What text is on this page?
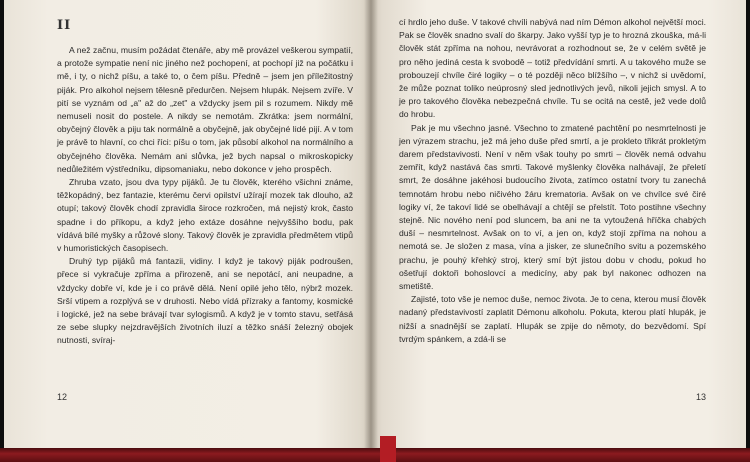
II

A než začnu, musím požádat čtenáře, aby mě provázel veškerou sympatií, a protože sympatie není nic jiného než pochopení, at pochopí již na počátku i mě, i ty, o nichž píšu, a také to, o čem píšu. Předně – jsem jen příležitostný piják. Pro alkohol nejsem tělesně předurčen. Nejsem hlupák. Nejsem zvíře. V pití se vyznám od „a" až do „zet" a vždycky jsem pil s rozumem. Nikdy mě nemuseli nosit do postele. A nikdy se nemotám. Zkrátka: jsem normální, obyčejný člověk a piju tak normálně a obyčejně, jak obyčejné lidé pijí. A v tom je právě to hlavní, co chci říci: píšu o tom, jak působí alkohol na normálního a obyčejného člověka. Nemám ani slůvka, jež bych napsal o mikroskopicky nedůležitém výstředníku, dipsomaniaku, nebo dokonce v jeho prospěch.

Zhruba vzato, jsou dva typy pijáků. Je tu člověk, kterého všichni známe, těžkopádný, bez fantazie, kterému červi opilství užírají mozek tak dlouho, až otupí; takový člověk chodí zpravidla široce rozkročen, má nejistý krok, často spadne i do příkopu, a když jeho extáze dosáhne nejvyššího bodu, pak vídává bílé myšky a růžové slony. Takový člověk je zpravidla předmětem vtipů v humoristických časopisech.

Druhý typ pijáků má fantazii, vidiny. I když je takový piják podroušen, přece si vykračuje zpříma a přirozeně, ani se nepotácí, ani neupadne, a vždycky dobře ví, kde je i co právě dělá. Není opilé jeho tělo, nýbrž mozek. Srší vtipem a rozplývá se v druhosti. Nebo vídá přízraky a fantomy, kosmické i logické, jež na sebe brávají tvar sylogismů. A když je v tomto stavu, setřásá ze sebe slupky nejzdravějších životních iluzí a těžko snáší železný obojek nutnosti, svíraj-

12

cí hrdlo jeho duše. V takové chvíli nabývá nad ním Démon alkohol největší moci. Pak se člověk snadno svalí do škarpy. Jako vyšší typ je to hrozná zkouška, má-li člověk stát zpříma na nohou, nevrávorat a rozhodnout se, že v celém světě je pro něho jediná cesta k svobodě – totiž předvídání smrti. A u takového muže se probouzejí chvíle čiré logiky – o té později něco blížšího –, v nichž si uvědomí, že může poznat toliko neúprosný sled jednotlivých jevů, nikoli jejich smysl. A to je pro takového člověka nebezpečná chvíle. Tu se ocitá na cestě, jež vede dolů do hrobu.

Pak je mu všechno jasné. Všechno to zmatené pachtění po nesmrtelnosti je jen výrazem strachu, jež má jeho duše před smrtí, a je prokleto třikrát prokletým darem představivosti. Není v něm však touhy po smrti – člověk nemá odvahu zemřít, když nastává čas smrti. Takové myšlenky člověka nalhávají, že přeletí smrt, že dosáhne jakéhosi budoucího života, zatímco ostatní tvory tu zanechá temnotám hrobu nebo ničivého žáru krematoria. Avšak on ve chvílce své čiré logiky ví, že takoví lidé se obelhávají a chtějí se přelstít. Toto postihne všechny stejně. Nic nového není pod sluncem, ba ani ne ta vytoužená hříčka chabých duší – nesmrtelnost. Avšak on to ví, a jen on, když stojí zpříma na nohou a nemotá se. Je složen z masa, vína a jisker, ze slunečního svitu a pozemského prachu, je pouhý křehký stroj, který smí být jistou dobu v chodu, pokud ho ošetřují doktoři bohoslovcí a medicíny, aby pak byl nakonec odhozen na smetiště.

Zajisté, toto vše je nemoc duše, nemoc života. Je to cena, kterou musí člověk nadaný představivostí zaplatit Démonu alkoholu. Pokuta, kterou platí hlupák, je nižší a snadnější se zaplatí. Hlupák se zpije do němoty, do bezvědomí. Spí tvrdým spánkem, a zdá-li se

13
